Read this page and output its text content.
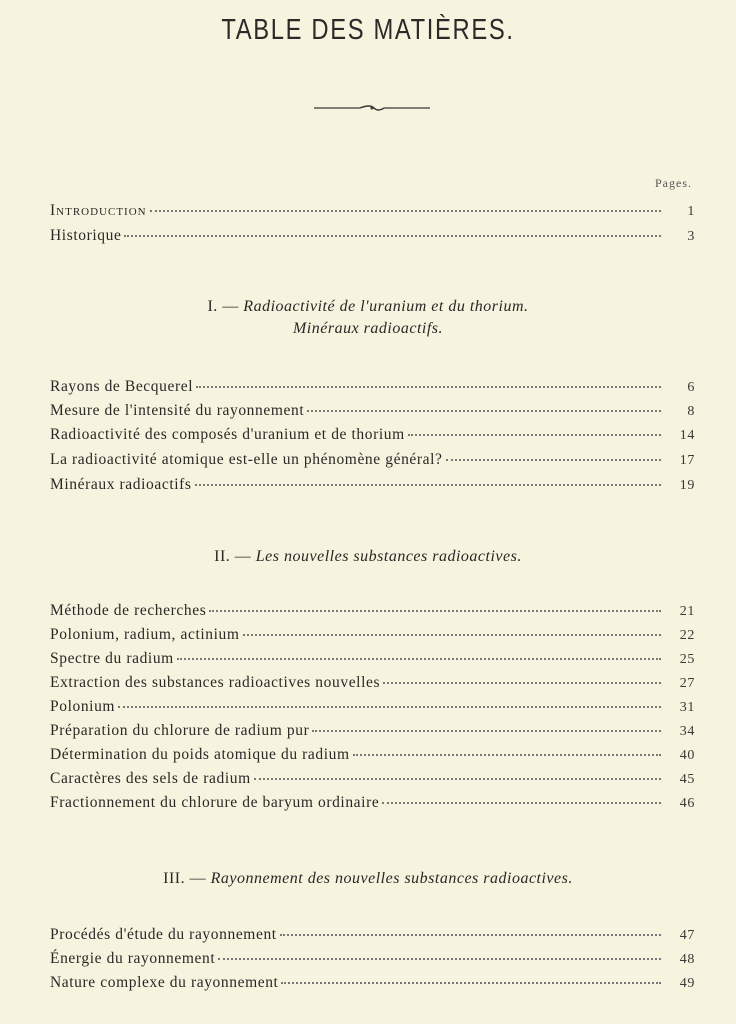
TABLE DES MATIÈRES.
Pages.
Introduction	1
Historique	3
Rayons de Becquerel	6
Mesure de l'intensité du rayonnement	8
Radioactivité des composés d'uranium et de thorium	14
La radioactivité atomique est-elle un phénomène général?	17
Minéraux radioactifs	19
Méthode de recherches	21
Polonium, radium, actinium	22
Spectre du radium	25
Extraction des substances radioactives nouvelles	27
Polonium	31
Préparation du chlorure de radium pur	34
Détermination du poids atomique du radium	40
Caractères des sels de radium	45
Fractionnement du chlorure de baryum ordinaire	46
Procédés d'étude du rayonnement	47
Énergie du rayonnement	48
Nature complexe du rayonnement	49
I. — Radioactivité de l'uranium et du thorium.
Minéraux radioactifs.
II. — Les nouvelles substances radioactives.
III. — Rayonnement des nouvelles substances radioactives.
